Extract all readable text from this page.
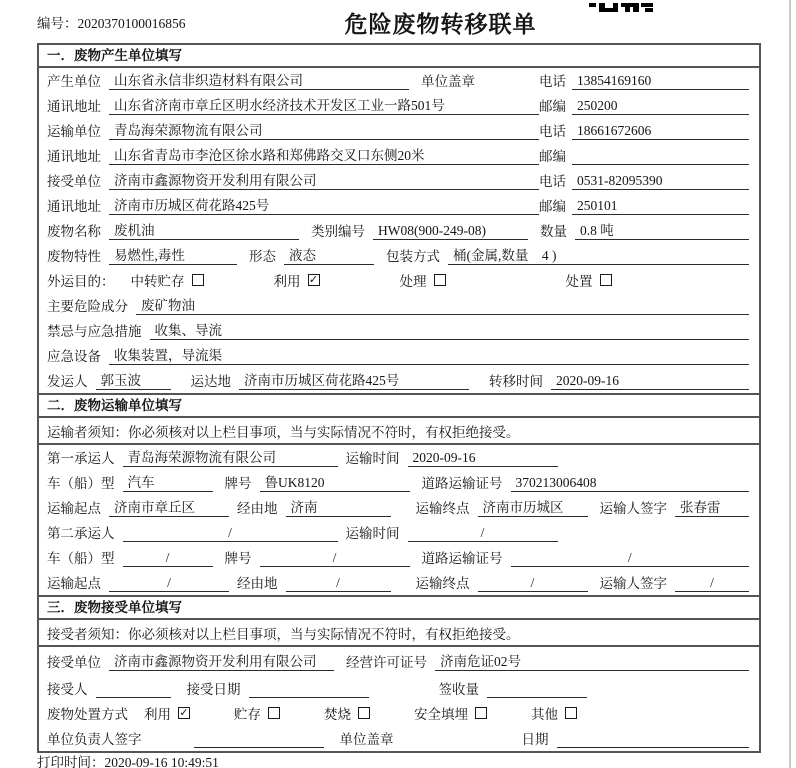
编号：2020370100016856	危险废物转移联单
一．废物产生单位填写
产生单位 山东省永信非织造材料有限公司	单位盖章	电话 13854169160
通讯地址 山东省济南市章丘区明水经济技术开发区工业一路501号	邮编 250200
运输单位 青岛海荣源物流有限公司	电话 18661672606
通讯地址 山东省青岛市李沧区徐水路和郑佛路交叉口东侧20米	邮编
接受单位 济南市鑫源物资开发利用有限公司	电话 0531-82095390
通讯地址 济南市历城区荷花路425号	邮编 250101
废物名称 废机油	类别编号 HW08(900-249-08)	数量 0.8 吨
废物特性 易燃性,毒性	形态 液态	包装方式 桶(金属,数量　4 )
外运目的： 中转贮存	利用 ✓	处理	处置
主要危险成分 废矿物油
禁忌与应急措施 收集、导流
应急设备 收集装置，导流渠
发运人 郭玉波	运达地 济南市历城区荷花路425号	转移时间 2020-09-16
二．废物运输单位填写
运输者须知： 你必须核对以上栏目事项，当与实际情况不符时，有权拒绝接受。
第一承运人 青岛海荣源物流有限公司	运输时间 2020-09-16
车（船）型 汽车	牌号 鲁UK8120	道路运输证号 370213006408
运输起点 济南市章丘区	经由地 济南	运输终点 济南市历城区	运输人签字 张春雷
第二承运人	/	运输时间	/
车（船）型	/	牌号	/	道路运输证号	/
运输起点	/	经由地	/	运输终点	/	运输人签字	/
三．废物接受单位填写
接受者须知： 你必须核对以上栏目事项，当与实际情况不符时，有权拒绝接受。
接受单位 济南市鑫源物资开发利用有限公司	经营许可证号 济南危证02号
接受人	接受日期	签收量
废物处置方式 利用 ✓	贮存	焚烧	安全填埋	其他
单位负责人签字	单位盖章	日期
打印时间：2020-09-16 10:49:51
